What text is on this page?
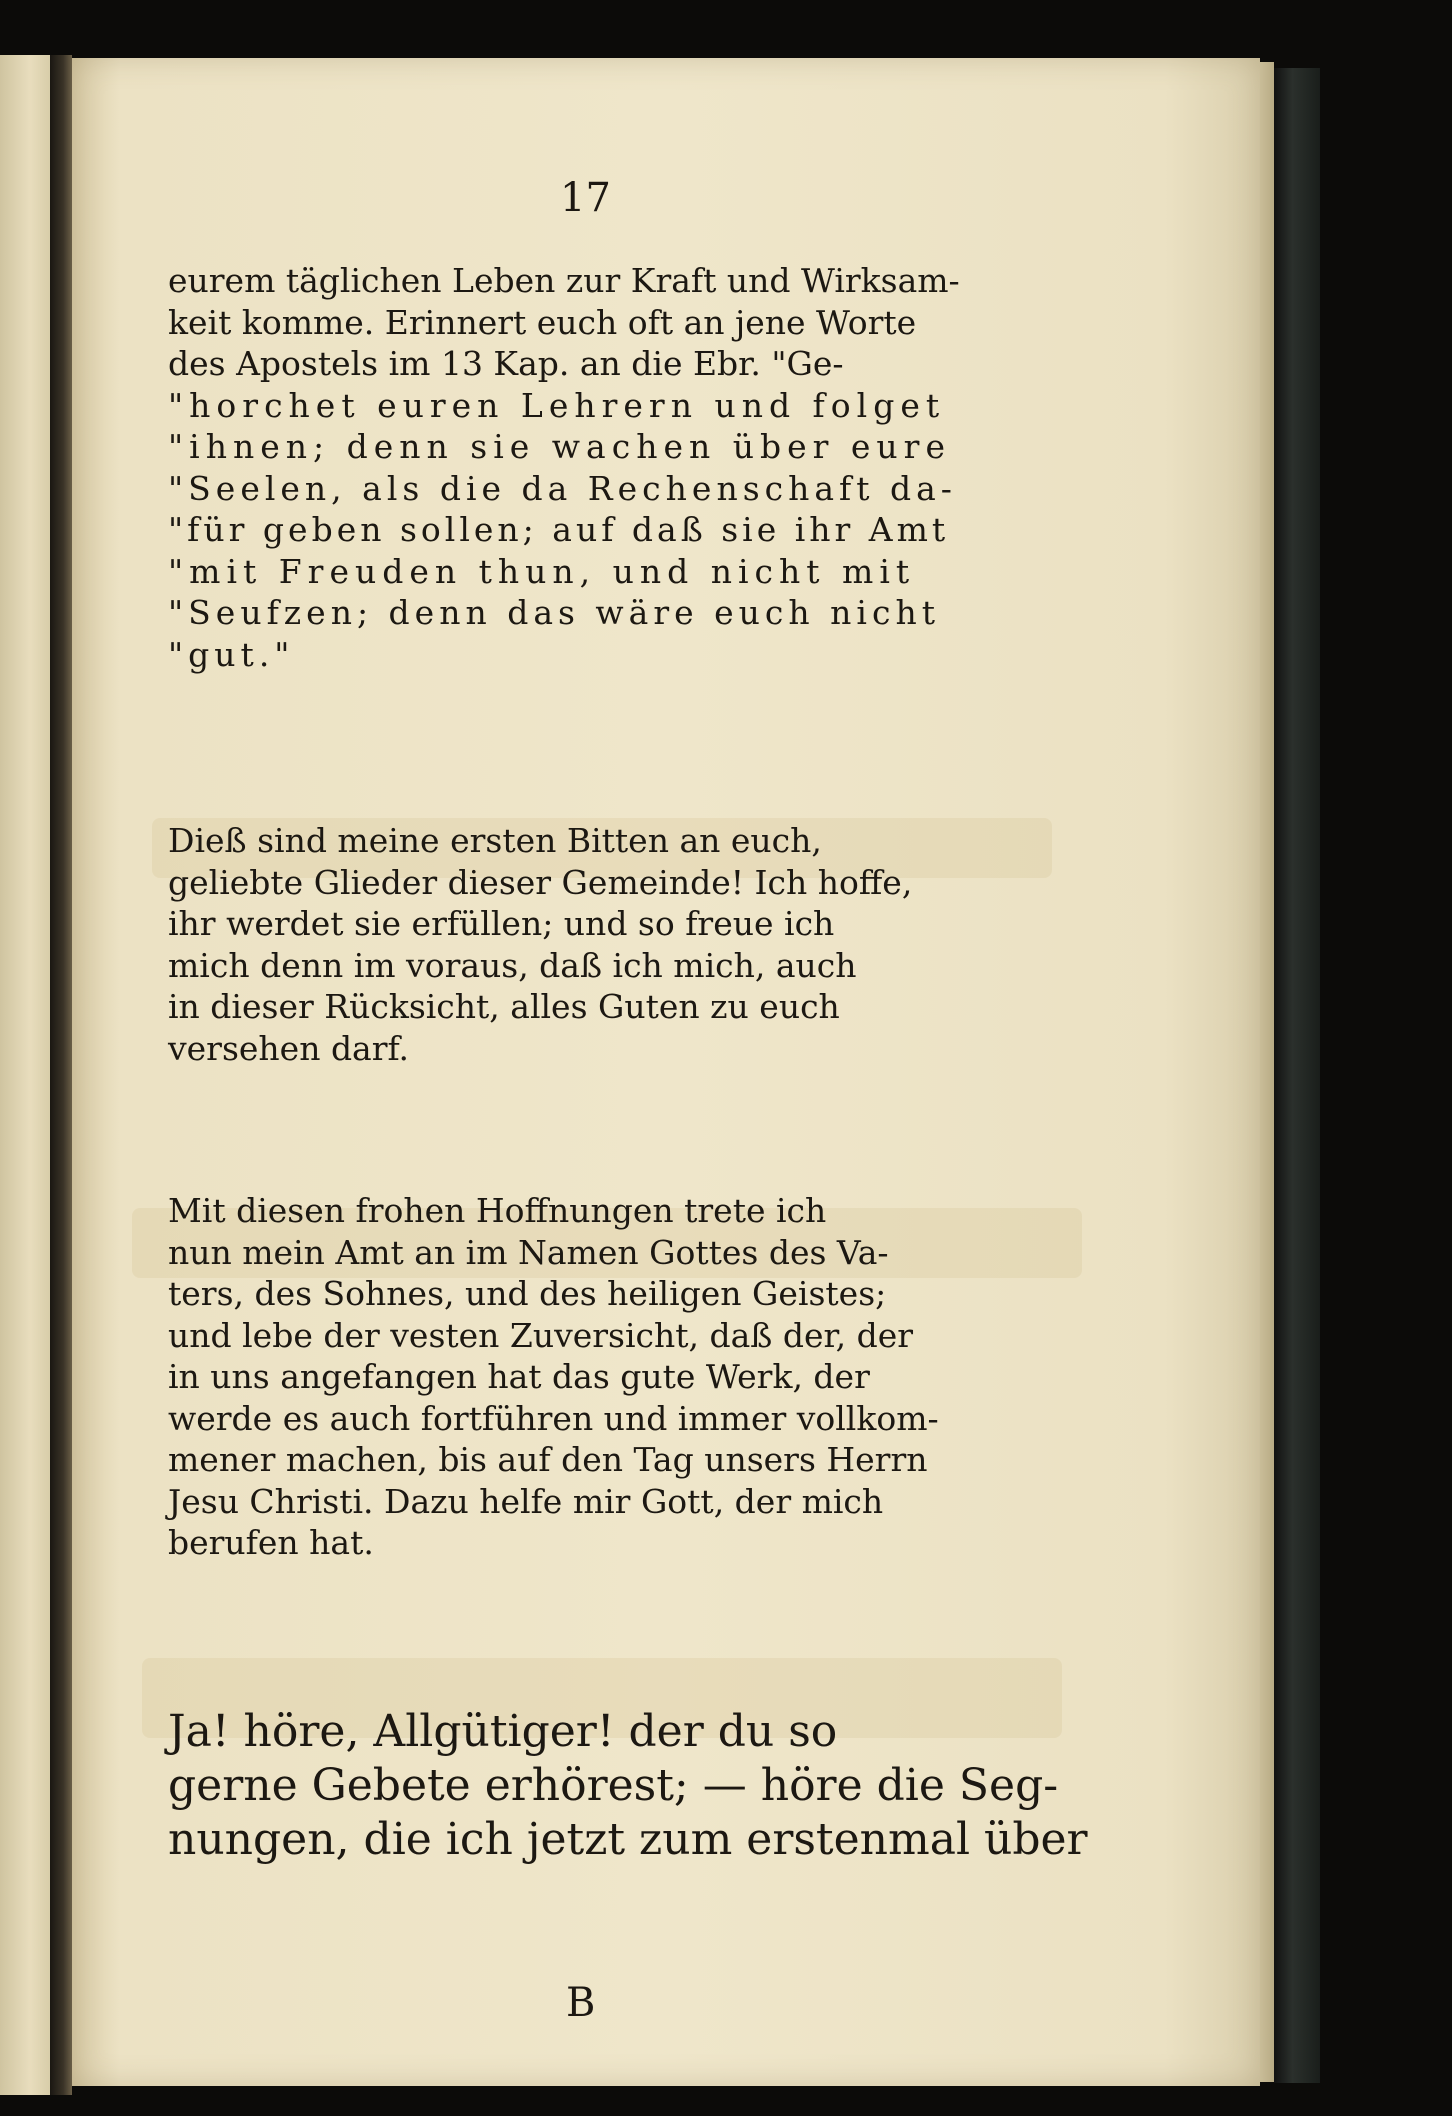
17
eurem täglichen Leben zur Kraft und Wirksam-
keit komme. Erinnert euch oft an jene Worte
des Apostels im 13 Kap. an die Ebr. "Ge-
"horchet euren Lehrern und folget
"ihnen; denn sie wachen über eure
"Seelen, als die da Rechenschaft da-
"für geben sollen; auf daß sie ihr Amt
"mit Freuden thun, und nicht mit
"Seufzen; denn das wäre euch nicht
"gut."
Dieß sind meine ersten Bitten an euch,
geliebte Glieder dieser Gemeinde! Ich hoffe,
ihr werdet sie erfüllen; und so freue ich
mich denn im voraus, daß ich mich, auch
in dieser Rücksicht, alles Guten zu euch
versehen darf.
Mit diesen frohen Hoffnungen trete ich
nun mein Amt an im Namen Gottes des Va-
ters, des Sohnes, und des heiligen Geistes;
und lebe der vesten Zuversicht, daß der, der
in uns angefangen hat das gute Werk, der
werde es auch fortführen und immer vollkom-
mener machen, bis auf den Tag unsers Herrn
Jesu Christi. Dazu helfe mir Gott, der mich
berufen hat.
Ja! höre, Allgütiger! der du so
gerne Gebete erhörest; — höre die Seg-
nungen, die ich jetzt zum erstenmal über
B
